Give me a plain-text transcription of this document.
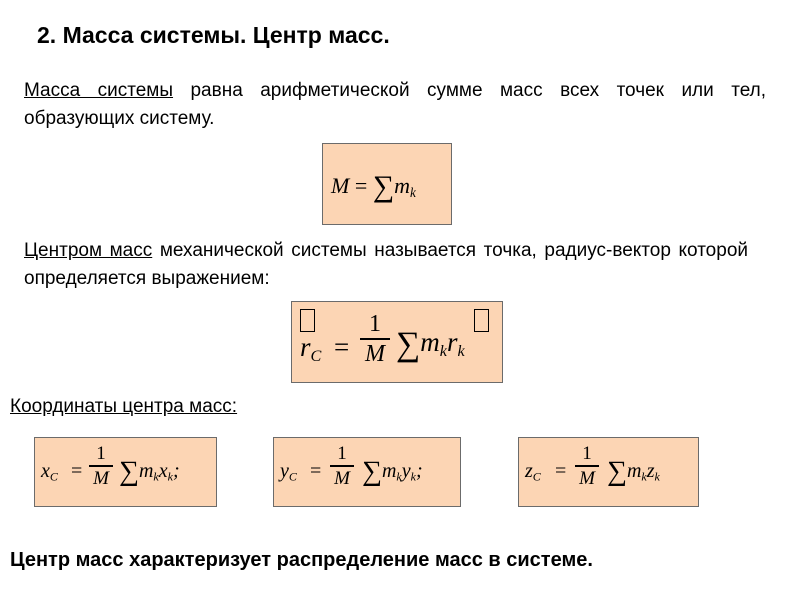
2. Масса системы. Центр масс.
Масса системы равна арифметической сумме масс всех точек или тел, образующих систему.
$M = \sum m_k$
Центром масс механической системы называется точка, радиус-вектор которой определяется выражением:
$r_C$ =
1
M $\sum m_kr_k$
Координаты центра масс:
$x_C$ =
1
M $\sum m_kx_k$;	$y_C$ =
1
M $\sum m_ky_k$;	$z_C$ =
1
M $\sum m_kz_k$
Центр масс характеризует распределение масс в системе.
